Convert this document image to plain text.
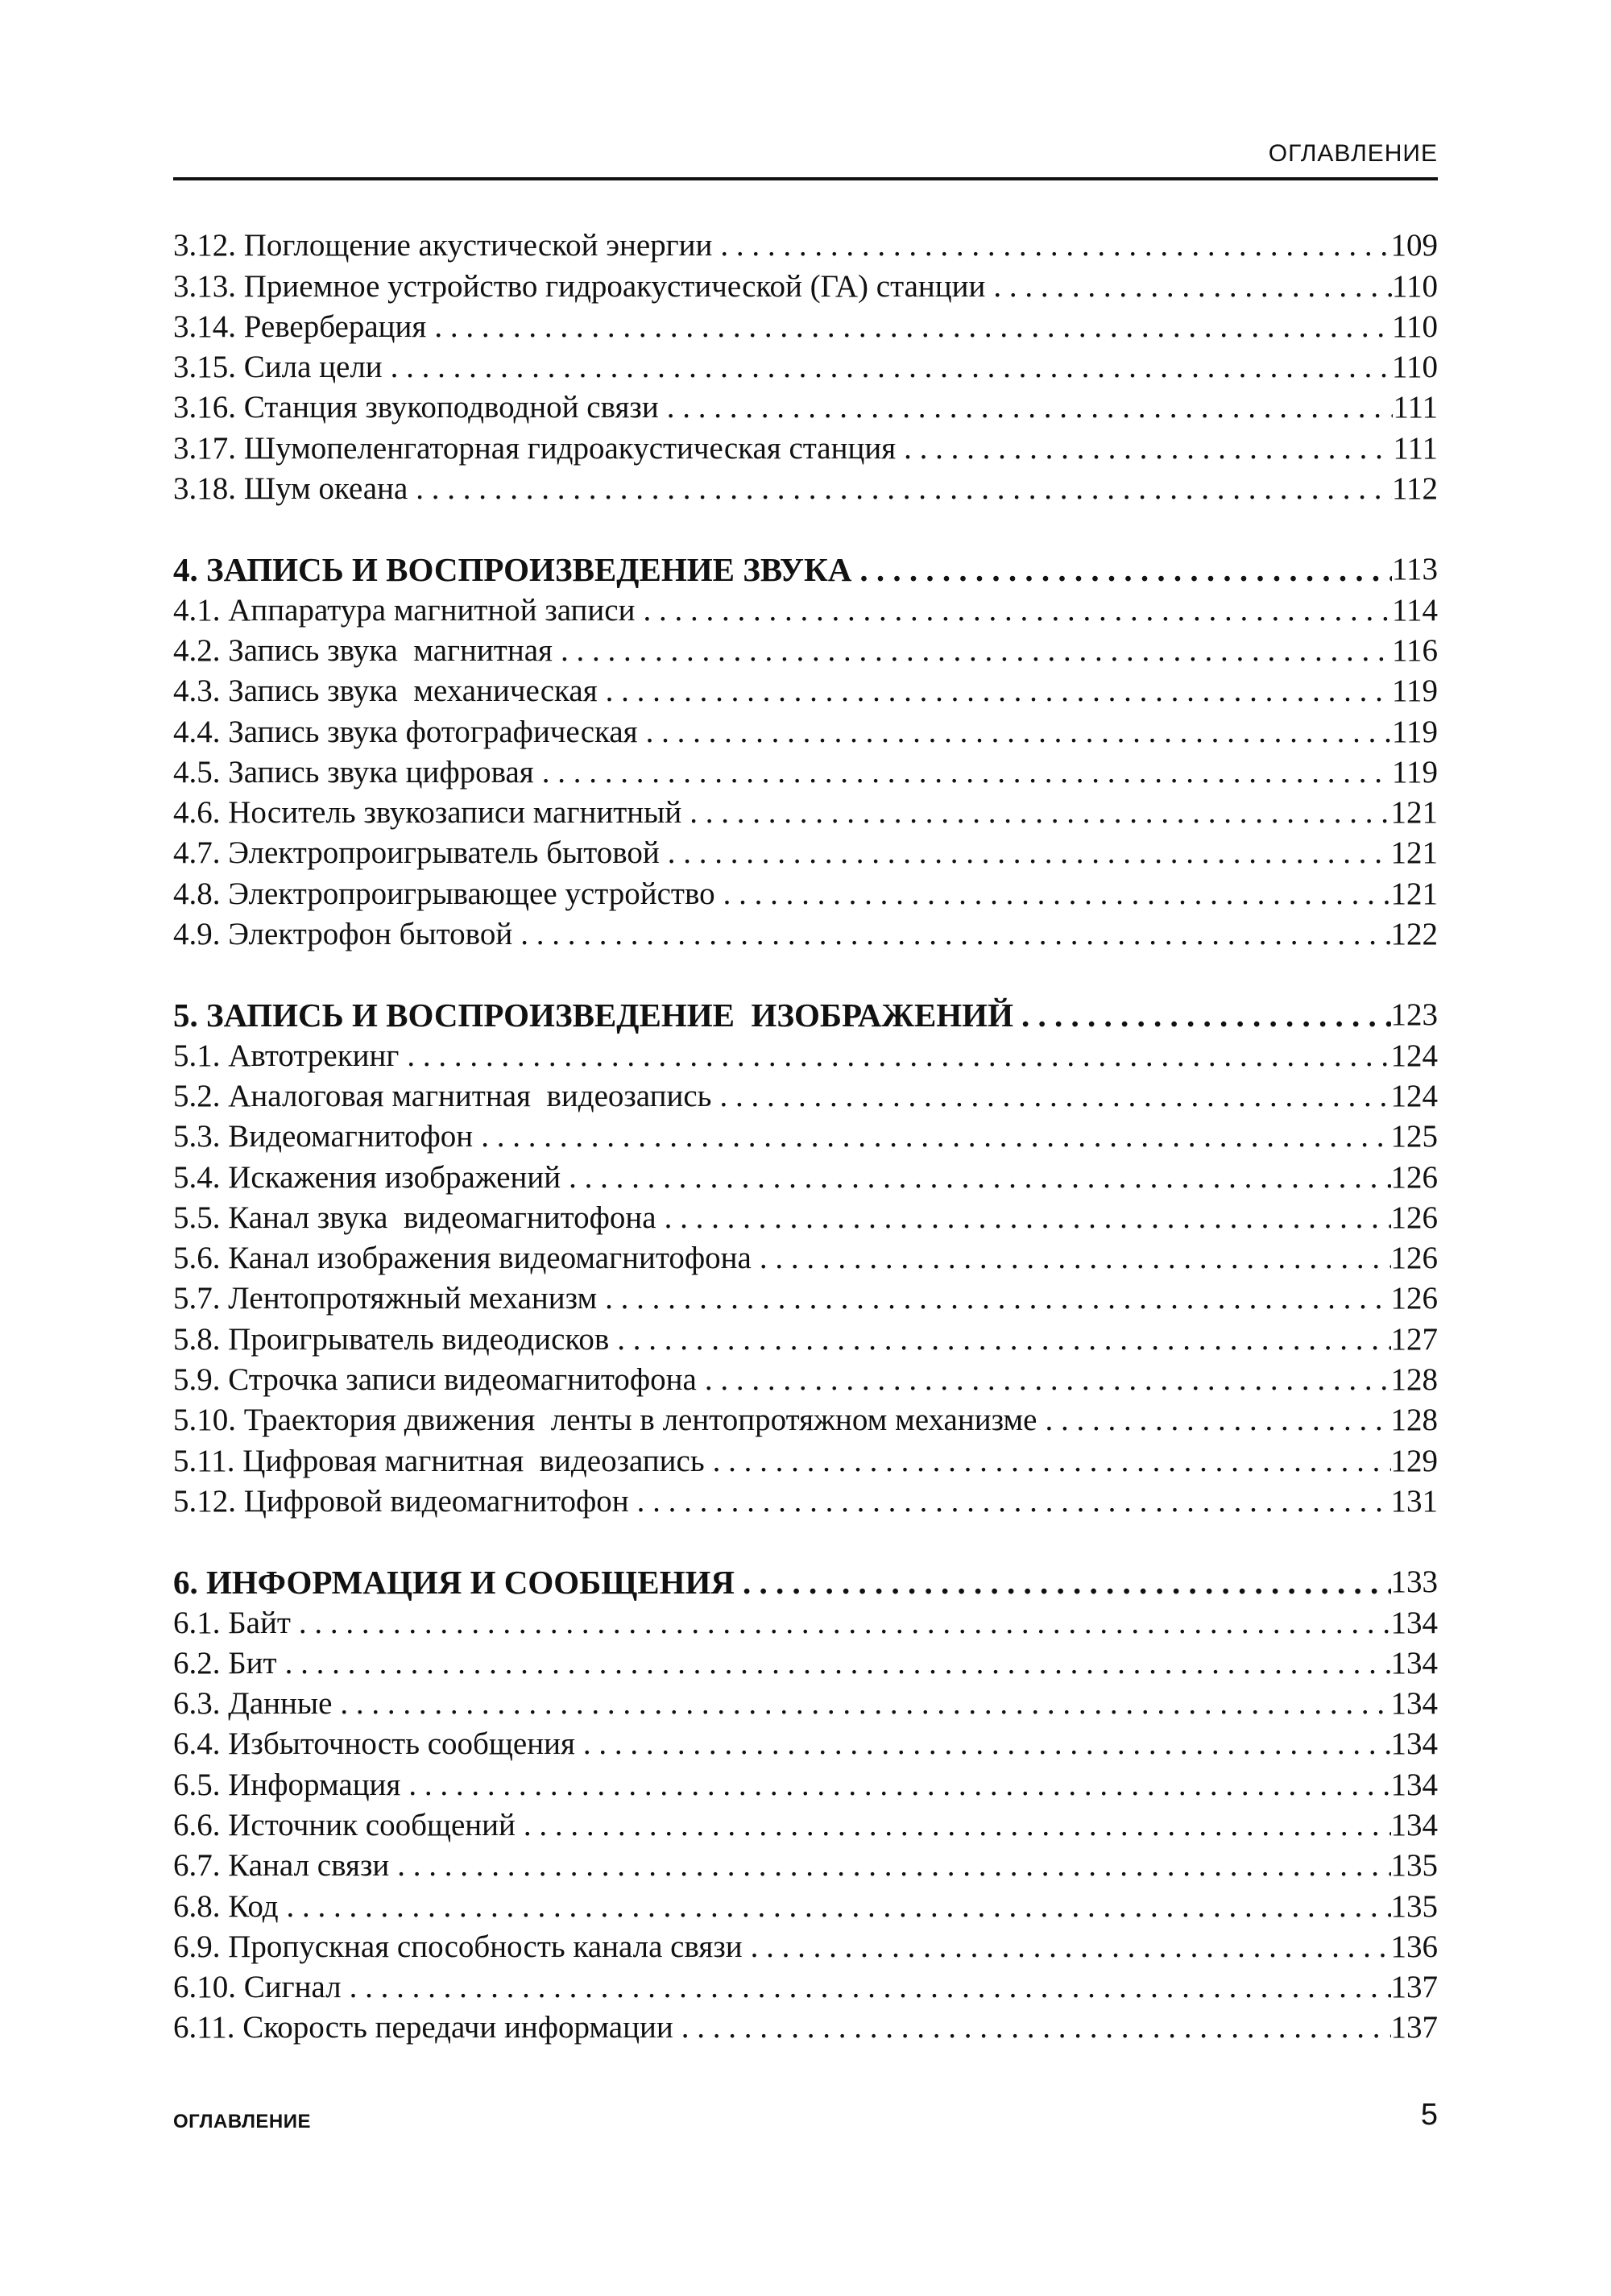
ОГЛАВЛЕНИЕ
3.12. Поглощение акустической энергии . . .	109
3.13. Приемное устройство гидроакустической (ГА) станции . . .	110
3.14. Реверберация . . .	110
3.15. Сила цели . . .	110
3.16. Станция звукоподводной связи . . .	111
3.17. Шумопеленгаторная гидроакустическая станция . . .	111
3.18. Шум океана . . .	112
4. ЗАПИСЬ И ВОСПРОИЗВЕДЕНИЕ ЗВУКА . . .	113
4.1. Аппаратура магнитной записи . . .	114
4.2. Запись звука  магнитная . . .	116
4.3. Запись звука  механическая . . .	119
4.4. Запись звука фотографическая . . .	119
4.5. Запись звука цифровая . . .	119
4.6. Носитель звукозаписи магнитный . . .	121
4.7. Электропроигрыватель бытовой . . .	121
4.8. Электропроигрывающее устройство . . .	121
4.9. Электрофон бытовой . . .	122
5. ЗАПИСЬ И ВОСПРОИЗВЕДЕНИЕ  ИЗОБРАЖЕНИЙ . . .	123
5.1. Автотрекинг . . .	124
5.2. Аналоговая магнитная  видеозапись . . .	124
5.3. Видеомагнитофон . . .	125
5.4. Искажения изображений . . .	126
5.5. Канал звука  видеомагнитофона . . .	126
5.6. Канал изображения видеомагнитофона . . .	126
5.7. Лентопротяжный механизм . . .	126
5.8. Проигрыватель видеодисков . . .	127
5.9. Строчка записи видеомагнитофона . . .	128
5.10. Траектория движения  ленты в лентопротяжном механизме . . .	128
5.11. Цифровая магнитная  видеозапись . . .	129
5.12. Цифровой видеомагнитофон . . .	131
6. ИНФОРМАЦИЯ И СООБЩЕНИЯ . . .	133
6.1. Байт . . .	134
6.2. Бит . . .	134
6.3. Данные . . .	134
6.4. Избыточность сообщения . . .	134
6.5. Информация . . .	134
6.6. Источник сообщений . . .	134
6.7. Канал связи . . .	135
6.8. Код . . .	135
6.9. Пропускная способность канала связи . . .	136
6.10. Сигнал . . .	137
6.11. Скорость передачи информации . . .	137
ОГЛАВЛЕНИЕ	5
